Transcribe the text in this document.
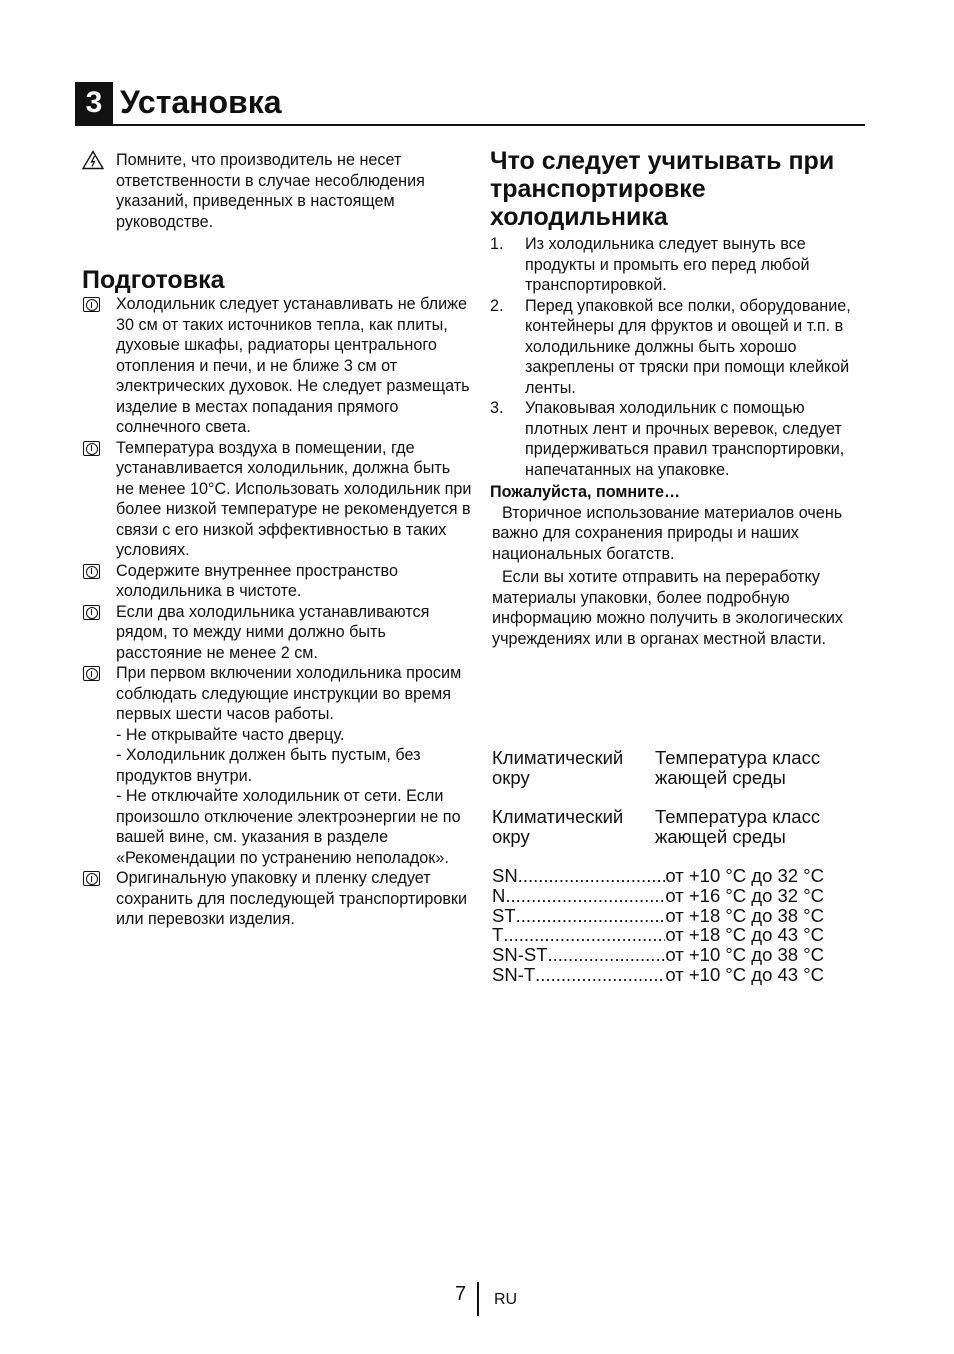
3 Установка
Помните, что производитель не несет ответственности в случае несоблюдения указаний, приведенных в настоящем руководстве.
Подготовка
Холодильник следует устанавливать не ближе 30 см от таких источников тепла, как плиты, духовые шкафы, радиаторы центрального отопления и печи, и не ближе 3 см от электрических духовок. Не следует размещать изделие в местах попадания прямого солнечного света.
Температура воздуха в помещении, где устанавливается холодильник, должна быть не менее 10°C. Использовать холодильник при более низкой температуре не рекомендуется в связи с его низкой эффективностью в таких условиях.
Содержите внутреннее пространство холодильника в чистоте.
Если два холодильника устанавливаются рядом, то между ними должно быть расстояние не менее 2 см.
При первом включении холодильника просим соблюдать следующие инструкции во время первых шести часов работы.
- Не открывайте часто дверцу.
- Холодильник должен быть пустым, без продуктов внутри.
- Не отключайте холодильник от сети. Если произошло отключение электроэнергии не по вашей вине, см. указания в разделе «Рекомендации по устранению неполадок».
Оригинальную упаковку и пленку следует сохранить для последующей транспортировки или перевозки изделия.
Что следует учитывать при транспортировке холодильника
1. Из холодильника следует вынуть все продукты и промыть его перед любой транспортировкой.
2. Перед упаковкой все полки, оборудование, контейнеры для фруктов и овощей и т.п. в холодильнике должны быть хорошо закреплены от тряски при помощи клейкой ленты.
3. Упаковывая холодильник с помощью плотных лент и прочных веревок, следует придерживаться правил транспортировки, напечатанных на упаковке.
Пожалуйста, помните…

Вторичное использование материалов очень важно для сохранения природы и наших национальных богатств.

Если вы хотите отправить на переработку материалы упаковки, более подробную информацию можно получить в экологических учреждениях или в органах местной власти.

Климатический окру
Температура класс жающей среды
Климатический окру
Температура класс жающей среды
SN .....	от +10 °C до 32 °C
N .....	от +16 °C до 32 °C
ST .....	от +18 °C до 38 °C
T .....	от +18 °C до 43 °C
SN-ST .....	от +10 °C до 38 °C
SN-T .....	от +10 °C до 43 °C
7 RU
